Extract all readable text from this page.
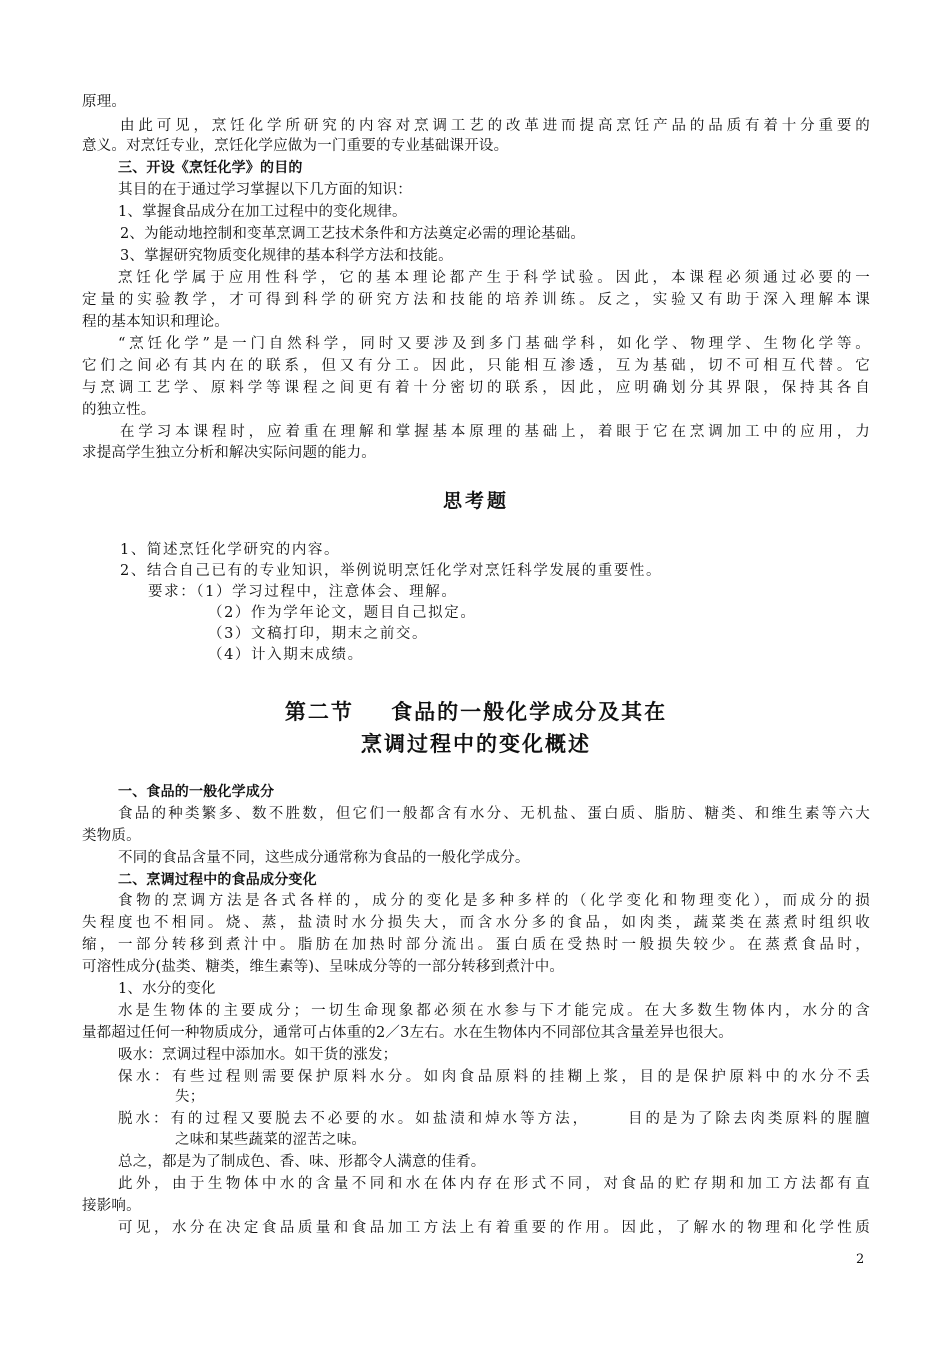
原理。
由此可见，烹饪化学所研究的内容对烹调工艺的改革进而提高烹饪产品的品质有着十分重要的
意义。对烹饪专业，烹饪化学应做为一门重要的专业基础课开设。
三、开设《烹饪化学》的目的
其目的在于通过学习掌握以下几方面的知识：
1、掌握食品成分在加工过程中的变化规律。
2、为能动地控制和变革烹调工艺技术条件和方法奠定必需的理论基础。
3、掌握研究物质变化规律的基本科学方法和技能。
烹饪化学属于应用性科学，它的基本理论都产生于科学试验。因此，本课程必须通过必要的一
定量的实验教学，才可得到科学的研究方法和技能的培养训练。反之，实验又有助于深入理解本课
程的基本知识和理论。
“烹饪化学”是一门自然科学，同时又要涉及到多门基础学科，如化学、物理学、生物化学等。
它们之间必有其内在的联系，但又有分工。因此，只能相互渗透，互为基础，切不可相互代替。它
与烹调工艺学、原料学等课程之间更有着十分密切的联系，因此，应明确划分其界限，保持其各自
的独立性。
在学习本课程时，应着重在理解和掌握基本原理的基础上，着眼于它在烹调加工中的应用，力
求提高学生独立分析和解决实际问题的能力。
思考题
1、简述烹饪化学研究的内容。
2、结合自己已有的专业知识，举例说明烹饪化学对烹饪科学发展的重要性。
要求：（1）学习过程中，注意体会、理解。
（2）作为学年论文，题目自己拟定。
（3）文稿打印，期末之前交。
（4）计入期末成绩。
第二节    食品的一般化学成分及其在
烹调过程中的变化概述
一、食品的一般化学成分
食品的种类繁多、数不胜数，但它们一般都含有水分、无机盐、蛋白质、脂肪、糖类、和维生素等六大
类物质。
不同的食品含量不同，这些成分通常称为食品的一般化学成分。
二、烹调过程中的食品成分变化
食物的烹调方法是各式各样的，成分的变化是多种多样的（化学变化和物理变化），而成分的损
失程度也不相同。烧、蒸，盐渍时水分损失大，而含水分多的食品，如肉类，蔬菜类在蒸煮时组织收
缩，一部分转移到煮汁中。脂肪在加热时部分流出。蛋白质在受热时一般损失较少。在蒸煮食品时，
可溶性成分(盐类、糖类，维生素等)、呈味成分等的一部分转移到煮汁中。
1、水分的变化
水是生物体的主要成分；一切生命现象都必须在水参与下才能完成。在大多数生物体内，水分的含
量都超过任何一种物质成分，通常可占体重的2／3左右。水在生物体内不同部位其含量差异也很大。
吸水：烹调过程中添加水。如干货的涨发；
保水：有些过程则需要保护原料水分。如肉食品原料的挂糊上浆，目的是保护原料中的水分不丢
失；
脱水：有的过程又要脱去不必要的水。如盐渍和焯水等方法，     目的是为了除去肉类原料的腥膻
之味和某些蔬菜的涩苦之味。
总之，都是为了制成色、香、味、形都令人满意的佳肴。
此外，由于生物体中水的含量不同和水在体内存在形式不同，对食品的贮存期和加工方法都有直
接影响。
可见，水分在决定食品质量和食品加工方法上有着重要的作用。因此，了解水的物理和化学性质
2
